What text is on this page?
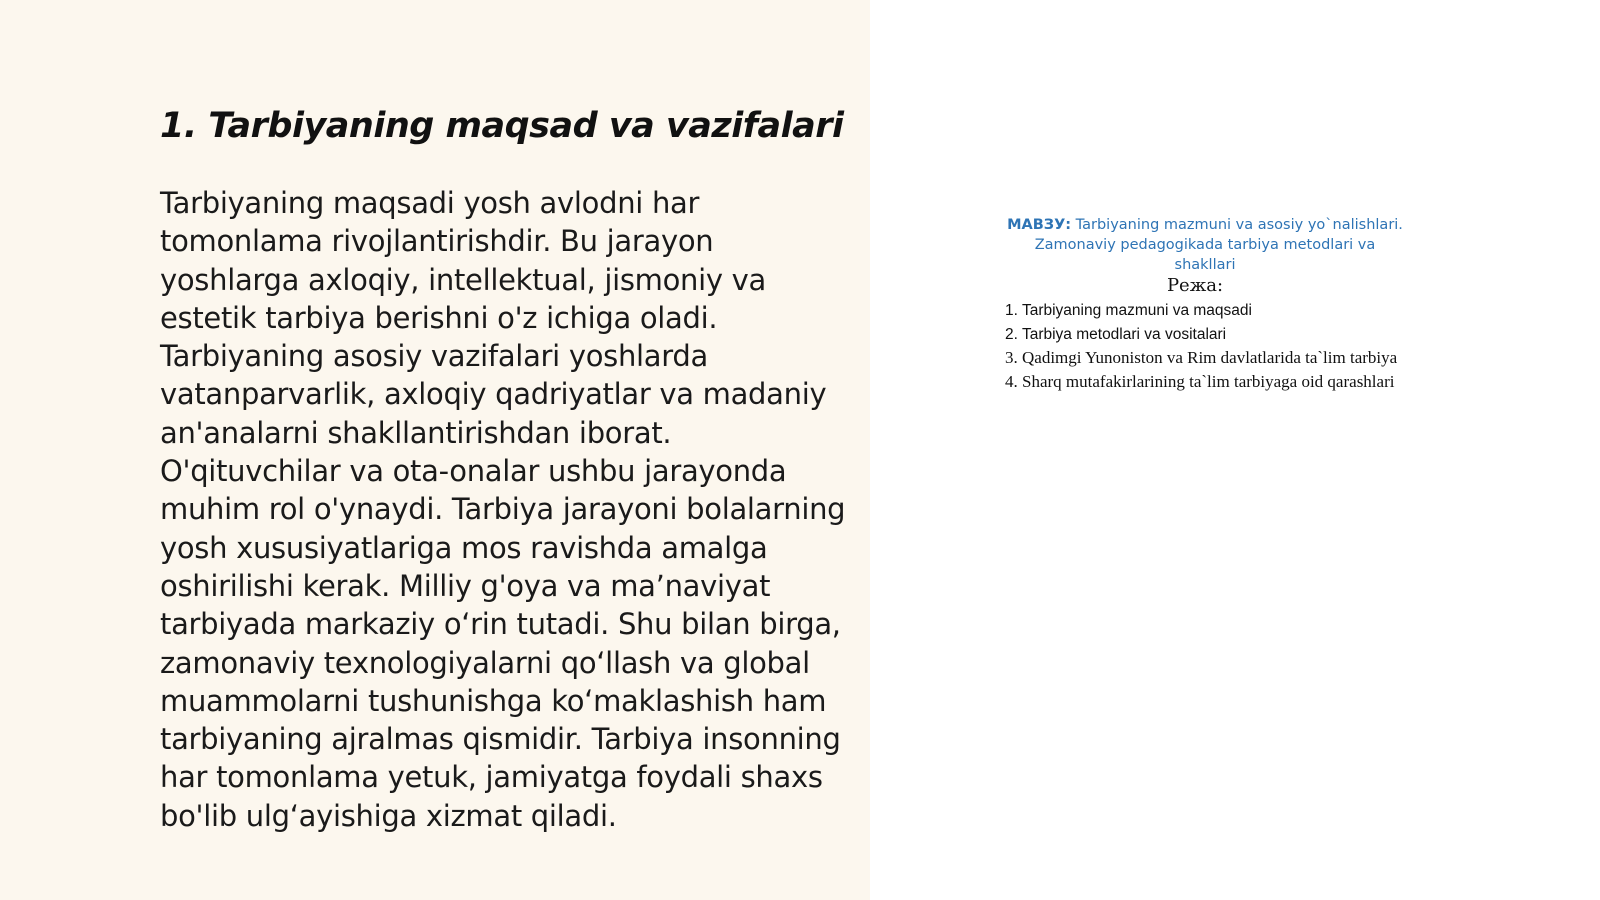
1. Tarbiyaning maqsad va vazifalari

Tarbiyaning maqsadi yosh avlodni har tomonlama rivojlantirishdir. Bu jarayon yoshlarga axloqiy, intellektual, jismoniy va estetik tarbiya berishni o'z ichiga oladi. Tarbiyaning asosiy vazifalari yoshlarda vatanparvarlik, axloqiy qadriyatlar va madaniy an'analarni shakllantirishdan iborat. O'qituvchilar va ota-onalar ushbu jarayonda muhim rol o'ynaydi. Tarbiya jarayoni bolalarning yosh xususiyatlariga mos ravishda amalga oshirilishi kerak. Milliy g'oya va ma’naviyat tarbiyada markaziy o‘rin tutadi. Shu bilan birga, zamonaviy texnologiyalarni qo‘llash va global muammolarni tushunishga ko‘maklashish ham tarbiyaning ajralmas qismidir. Tarbiya insonning har tomonlama yetuk, jamiyatga foydali shaxs bo'lib ulg‘ayishiga xizmat qiladi.

МАВЗУ: Tarbiyaning mazmuni va asosiy yo`nalishlari. Zamonaviy pedagogikada tarbiya metodlari va shakllari

Режа:

1. Tarbiyaning mazmuni va maqsadi
2. Tarbiya metodlari va vositalari
3. Qadimgi Yunoniston va Rim davlatlarida ta`lim tarbiya
4. Sharq mutafakirlarining ta`lim tarbiyaga oid qarashlari
